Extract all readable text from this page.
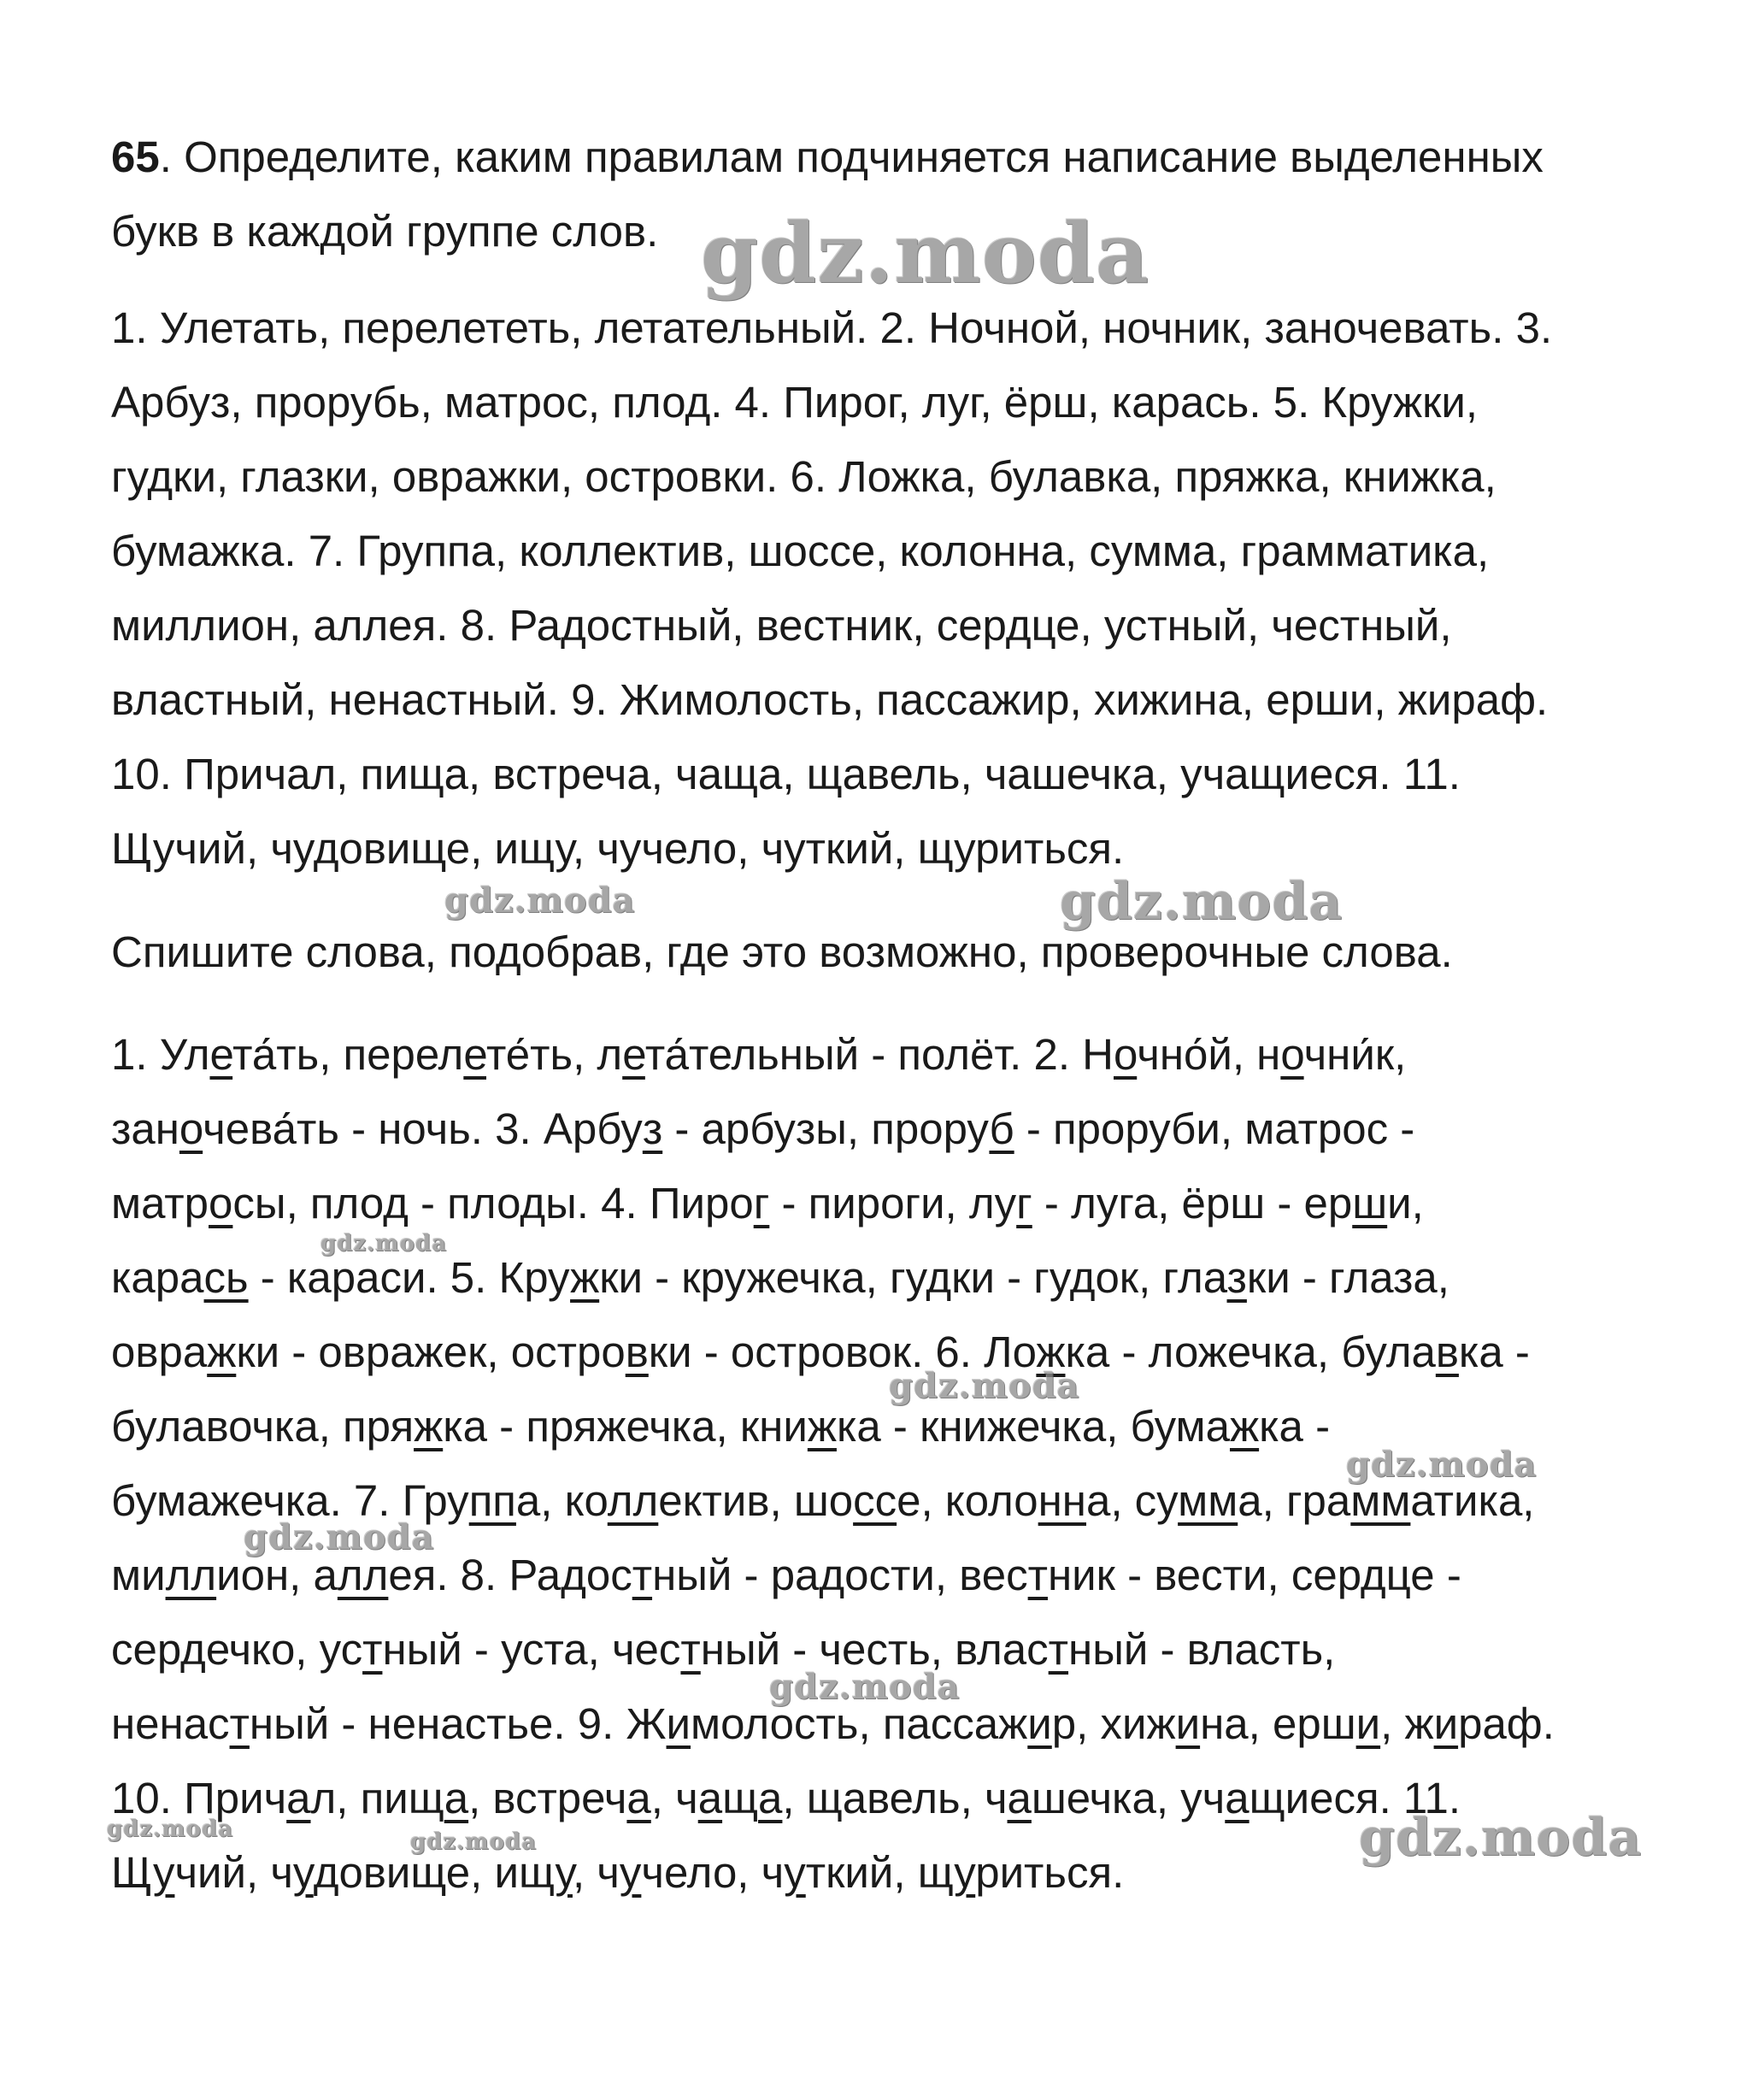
65. Определите, каким правилам подчиняется написание выделенных
букв в каждой группе слов.

1. Улетать, перелететь, летательный. 2. Ночной, ночник, заночевать. 3.
Арбуз, прорубь, матрос, плод. 4. Пирог, луг, ёрш, карась. 5. Кружки,
гудки, глазки, овражки, островки. 6. Ложка, булавка, пряжка, книжка,
бумажка. 7. Группа, коллектив, шоссе, колонна, сумма, грамматика,
миллион, аллея. 8. Радостный, вестник, сердце, устный, честный,
властный, ненастный. 9. Жимолость, пассажир, хижина, ерши, жираф.
10. Причал, пища, встреча, чаща, щавель, чашечка, учащиеся. 11.
Щучий, чудовище, ищу, чучело, чуткий, щуриться.

Спишите слова, подобрав, где это возможно, проверочные слова.

1. Улета́ть, перелете́ть, лета́тельный - полёт. 2. Ночно́й, ночни́к,
заночева́ть - ночь. 3. Арбуз - арбузы, проруб - проруби, матрос -
матросы, плод - плоды. 4. Пирог - пироги, луг - луга, ёрш - ерши,
карась - караси. 5. Кружки - кружечка, гудки - гудок, глазки - глаза,
овражки - овражек, островки - островок. 6. Ложка - ложечка, булавка -
булавочка, пряжка - пряжечка, книжка - книжечка, бумажка -
бумажечка. 7. Группа, коллектив, шоссе, колонна, сумма, грамматика,
миллион, аллея. 8. Радостный - радости, вестник - вести, сердце -
сердечко, устный - уста, честный - честь, властный - власть,
ненастный - ненастье. 9. Жимолость, пассажир, хижина, ерши, жираф.
10. Причал, пища, встреча, чаща, щавель, чашечка, учащиеся. 11.
Щучий, чудовище, ищу, чучело, чуткий, щуриться.

gdz.moda
gdz.moda	gdz.moda
gdz.moda
gdz.moda
gdz.moda
gdz.moda
gdz.moda
gdz.moda	gdz.moda	gdz.moda
